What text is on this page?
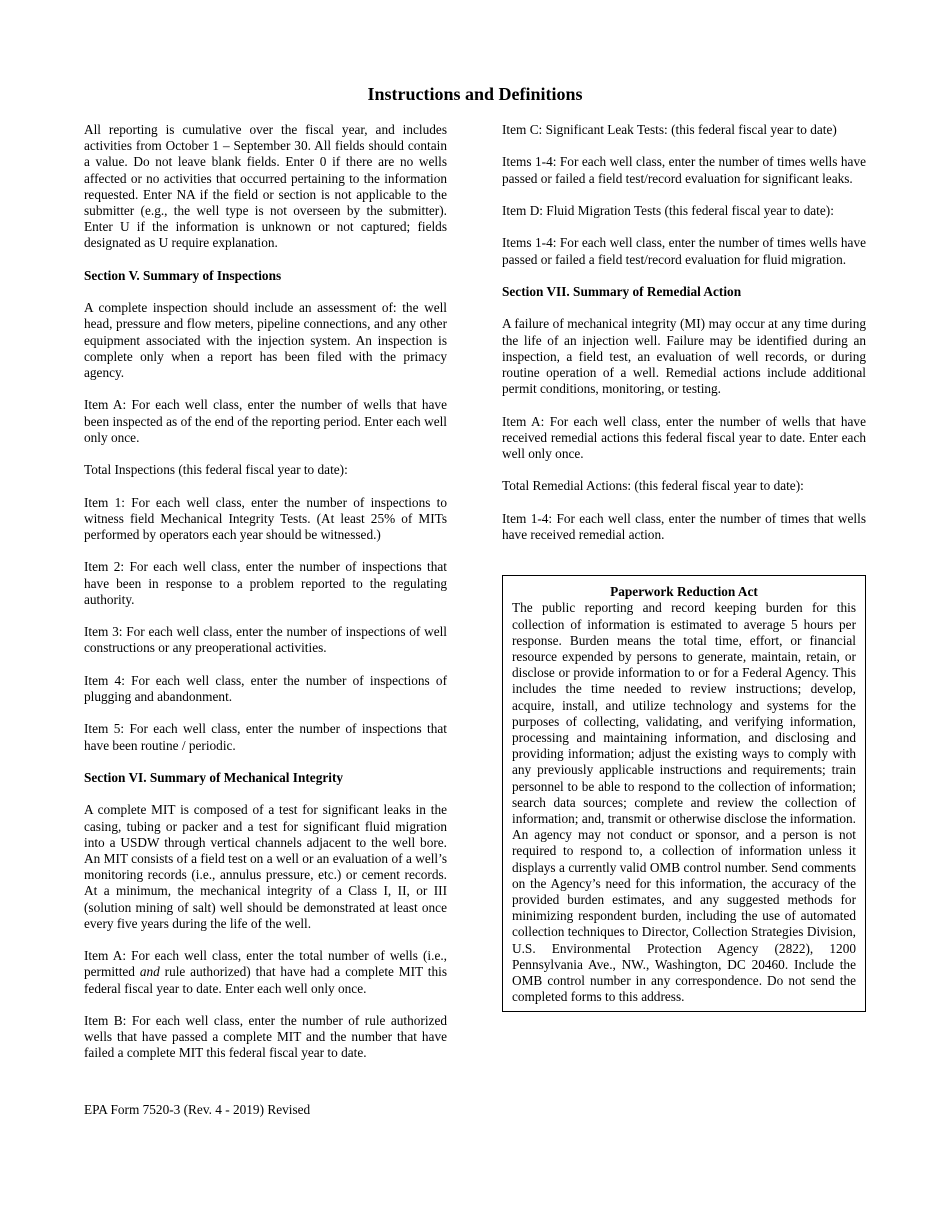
Instructions and Definitions

All reporting is cumulative over the fiscal year, and includes activities from October 1 – September 30. All fields should contain a value. Do not leave blank fields. Enter 0 if there are no wells affected or no activities that occurred pertaining to the information requested. Enter NA if the field or section is not applicable to the submitter (e.g., the well type is not overseen by the submitter). Enter U if the information is unknown or not captured; fields designated as U require explanation.

Section V. Summary of Inspections

A complete inspection should include an assessment of: the well head, pressure and flow meters, pipeline connections, and any other equipment associated with the injection system. An inspection is complete only when a report has been filed with the primacy agency.

Item A: For each well class, enter the number of wells that have been inspected as of the end of the reporting period. Enter each well only once.

Total Inspections (this federal fiscal year to date):

Item 1: For each well class, enter the number of inspections to witness field Mechanical Integrity Tests. (At least 25% of MITs performed by operators each year should be witnessed.)

Item 2: For each well class, enter the number of inspections that have been in response to a problem reported to the regulating authority.

Item 3: For each well class, enter the number of inspections of well constructions or any preoperational activities.

Item 4: For each well class, enter the number of inspections of plugging and abandonment.

Item 5: For each well class, enter the number of inspections that have been routine / periodic.

Section VI. Summary of Mechanical Integrity

A complete MIT is composed of a test for significant leaks in the casing, tubing or packer and a test for significant fluid migration into a USDW through vertical channels adjacent to the well bore. An MIT consists of a field test on a well or an evaluation of a well’s monitoring records (i.e., annulus pressure, etc.) or cement records. At a minimum, the mechanical integrity of a Class I, II, or III (solution mining of salt) well should be demonstrated at least once every five years during the life of the well.

Item A: For each well class, enter the total number of wells (i.e., permitted and rule authorized) that have had a complete MIT this federal fiscal year to date. Enter each well only once.

Item B: For each well class, enter the number of rule authorized wells that have passed a complete MIT and the number that have failed a complete MIT this federal fiscal year to date.

Item C: Significant Leak Tests: (this federal fiscal year to date)

Items 1-4: For each well class, enter the number of times wells have passed or failed a field test/record evaluation for significant leaks.

Item D: Fluid Migration Tests (this federal fiscal year to date):

Items 1-4: For each well class, enter the number of times wells have passed or failed a field test/record evaluation for fluid migration.

Section VII. Summary of Remedial Action

A failure of mechanical integrity (MI) may occur at any time during the life of an injection well. Failure may be identified during an inspection, a field test, an evaluation of well records, or during routine operation of a well. Remedial actions include additional permit conditions, monitoring, or testing.

Item A: For each well class, enter the number of wells that have received remedial actions this federal fiscal year to date. Enter each well only once.

Total Remedial Actions: (this federal fiscal year to date):

Item 1-4: For each well class, enter the number of times that wells have received remedial action.

Paperwork Reduction Act

The public reporting and record keeping burden for this collection of information is estimated to average 5 hours per response. Burden means the total time, effort, or financial resource expended by persons to generate, maintain, retain, or disclose or provide information to or for a Federal Agency. This includes the time needed to review instructions; develop, acquire, install, and utilize technology and systems for the purposes of collecting, validating, and verifying information, processing and maintaining information, and disclosing and providing information; adjust the existing ways to comply with any previously applicable instructions and requirements; train personnel to be able to respond to the collection of information; search data sources; complete and review the collection of information; and, transmit or otherwise disclose the information. An agency may not conduct or sponsor, and a person is not required to respond to, a collection of information unless it displays a currently valid OMB control number. Send comments on the Agency’s need for this information, the accuracy of the provided burden estimates, and any suggested methods for minimizing respondent burden, including the use of automated collection techniques to Director, Collection Strategies Division, U.S. Environmental Protection Agency (2822), 1200 Pennsylvania Ave., NW., Washington, DC 20460. Include the OMB control number in any correspondence. Do not send the completed forms to this address.

EPA Form 7520-3 (Rev. 4 - 2019) Revised
